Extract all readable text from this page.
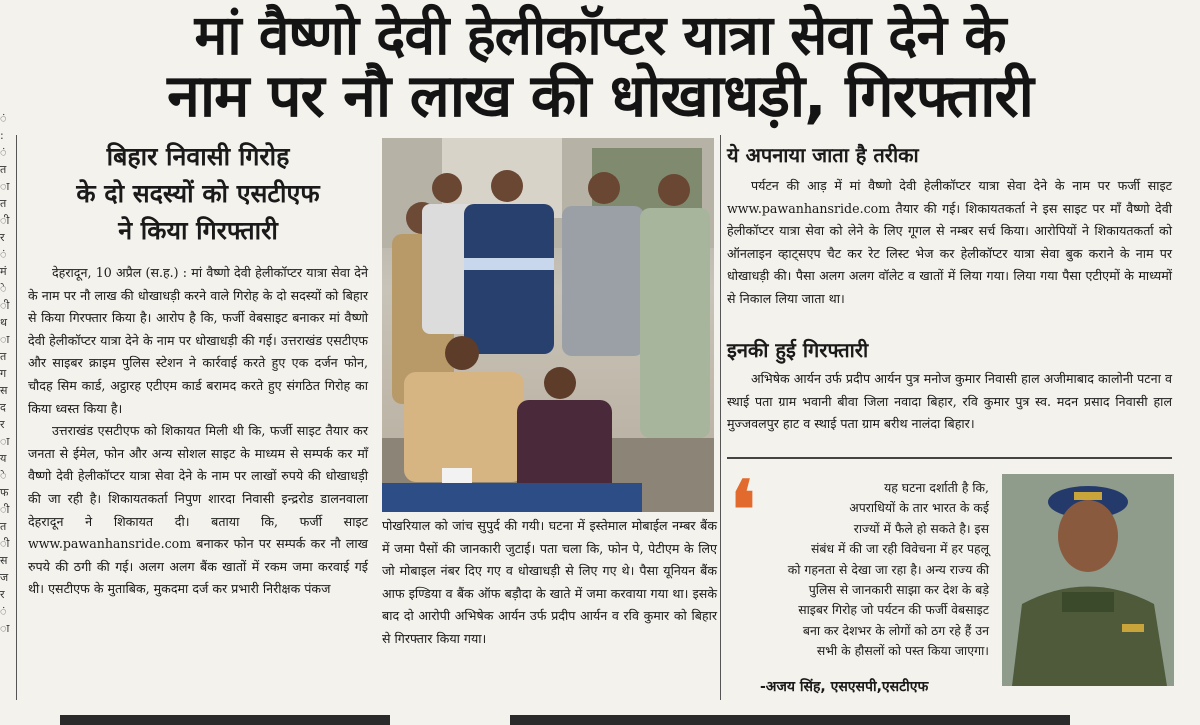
मां वैष्णो देवी हेलीकॉप्टर यात्रा सेवा देने के
नाम पर नौ लाख की धोखाधड़ी, गिरफ्तारी
ं
:
ं
त
ा
त
ी
र
ं
मं
े
ी
थ
ा
त
ग
स
द
र
ा
य
े
फ
ी
त
ी
स
ज
र
ं
ा
बिहार निवासी गिरोह
के दो सदस्यों को एसटीएफ
ने किया गिरफ्तारी

देहरादून, 10 अप्रैल (स.ह.) : मां वैष्णो देवी हेलीकॉप्टर यात्रा सेवा देने के नाम पर नौ लाख की धोखाधड़ी करने वाले गिरोह के दो सदस्यों को बिहार से किया गिरफ्तार किया है। आरोप है कि, फर्जी वेबसाइट बनाकर मां वैष्णो देवी हेलीकॉप्टर यात्रा देने के नाम पर धोखाधड़ी की गई। उत्तराखंड एसटीएफ और साइबर क्राइम पुलिस स्टेशन ने कार्रवाई करते हुए एक दर्जन फोन, चौदह सिम कार्ड, अट्ठारह एटीएम कार्ड बरामद करते हुए संगठित गिरोह का किया ध्वस्त किया है।

उत्तराखंड एसटीएफ को शिकायत मिली थी कि, फर्जी साइट तैयार कर जनता से ईमेल, फोन और अन्य सोशल साइट के माध्यम से सम्पर्क कर माँ वैष्णो देवी हेलीकॉप्टर यात्रा सेवा देने के नाम पर लाखों रुपये की धोखाधड़ी की जा रही है। शिकायतकर्ता निपुण शारदा निवासी इन्द्ररोड डालनवाला देहरादून ने शिकायत दी। बताया कि, फर्जी साइट www.pawanhansride.com बनाकर फोन पर सम्पर्क कर नौ लाख रुपये की ठगी की गई। अलग अलग बैंक खातों में रकम जमा करवाई गई थी। एसटीएफ के मुताबिक, मुकदमा दर्ज कर प्रभारी निरीक्षक पंकज

पोखरियाल को जांच सुपुर्द की गयी। घटना में इस्तेमाल मोबाईल नम्बर बैंक में जमा पैसों की जानकारी जुटाई। पता चला कि, फोन पे, पेटीएम के लिए जो मोबाइल नंबर दिए गए व धोखाधड़ी से लिए गए थे। पैसा यूनियन बैंक आफ इण्डिया व बैंक ऑफ बड़ौदा के खाते में जमा करवाया गया था। इसके बाद दो आरोपी अभिषेक आर्यन उर्फ प्रदीप आर्यन व रवि कुमार को बिहार से गिरफ्तार किया गया।

ये अपनाया जाता है तरीका

पर्यटन की आड़ में मां वैष्णो देवी हेलीकॉप्टर यात्रा सेवा देने के नाम पर फर्जी साइट www.pawanhansride.com तैयार की गई। शिकायतकर्ता ने इस साइट पर माँ वैष्णो देवी हेलीकॉप्टर यात्रा सेवा को लेने के लिए गूगल से नम्बर सर्च किया। आरोपियों ने शिकायतकर्ता को ऑनलाइन व्हाट्सएप चैट कर रेट लिस्ट भेज कर हेलीकॉप्टर यात्रा सेवा बुक कराने के नाम पर धोखाधड़ी की। पैसा अलग अलग वॉलेट व खातों में लिया गया। लिया गया पैसा एटीएमों के माध्यमों से निकाल लिया जाता था।

इनकी हुई गिरफ्तारी

अभिषेक आर्यन उर्फ प्रदीप आर्यन पुत्र मनोज कुमार निवासी हाल अजीमाबाद कालोनी पटना व स्थाई पता ग्राम भवानी बीवा जिला नवादा बिहार, रवि कुमार पुत्र स्व. मदन प्रसाद निवासी हाल मुज्जवलपुर हाट व स्थाई पता ग्राम बरीथ नालंदा बिहार।

❛	यह घटना दर्शाती है कि,
अपराधियों के तार भारत के कई
राज्यों में फैले हो सकते है। इस
संबंध में की जा रही विवेचना में हर पहलू
को गहनता से देखा जा रहा है। अन्य राज्य की
पुलिस से जानकारी साझा कर देश के बड़े
साइबर गिरोह जो पर्यटन की फर्जी वेबसाइट
बना कर देशभर के लोगों को ठग रहे हैं उन
सभी के हौसलों को पस्त किया जाएगा।
-अजय सिंह, एसएसपी,एसटीएफ
